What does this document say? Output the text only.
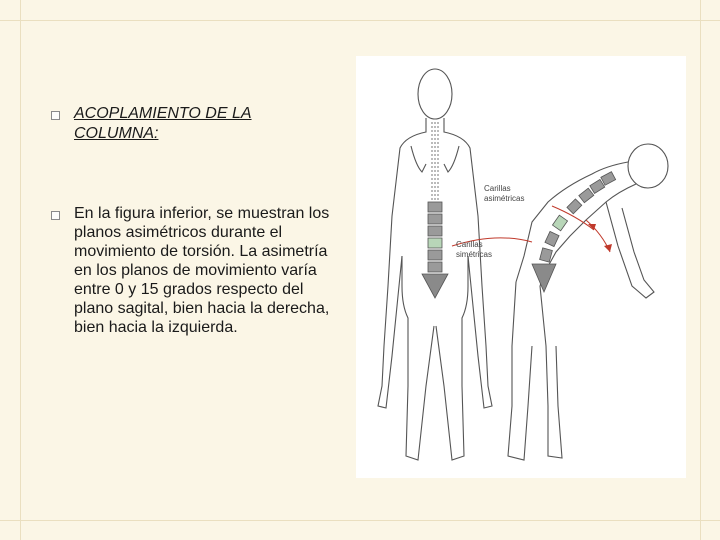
ACOPLAMIENTO DE LA COLUMNA:
En la figura inferior, se muestran los planos asimétricos durante el movimiento de torsión. La asimetría en los planos de movimiento varía entre 0 y 15 grados respecto del plano sagital, bien hacia la derecha, bien hacia la izquierda.
Carillas asimétricas
Carillas simétricas
